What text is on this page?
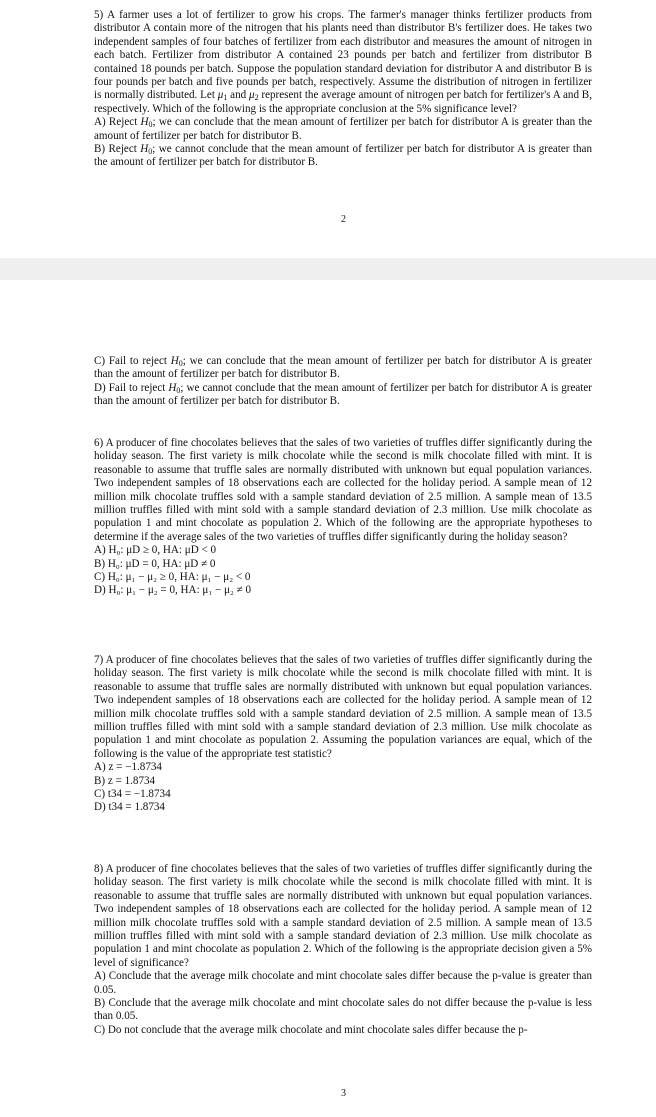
5) A farmer uses a lot of fertilizer to grow his crops. The farmer's manager thinks fertilizer products from distributor A contain more of the nitrogen that his plants need than distributor B's fertilizer does. He takes two independent samples of four batches of fertilizer from each distributor and measures the amount of nitrogen in each batch. Fertilizer from distributor A contained 23 pounds per batch and fertilizer from distributor B contained 18 pounds per batch. Suppose the population standard deviation for distributor A and distributor B is four pounds per batch and five pounds per batch, respectively. Assume the distribution of nitrogen in fertilizer is normally distributed. Let $\mu_1$ and $\mu_2$ represent the average amount of nitrogen per batch for fertilizer's A and B, respectively. Which of the following is the appropriate conclusion at the 5% significance level?

A) Reject $H_0$; we can conclude that the mean amount of fertilizer per batch for distributor A is greater than the amount of fertilizer per batch for distributor B.

B) Reject $H_0$; we cannot conclude that the mean amount of fertilizer per batch for distributor A is greater than the amount of fertilizer per batch for distributor B.

2

C) Fail to reject $H_0$; we can conclude that the mean amount of fertilizer per batch for distributor A is greater than the amount of fertilizer per batch for distributor B.

D) Fail to reject $H_0$; we cannot conclude that the mean amount of fertilizer per batch for distributor A is greater than the amount of fertilizer per batch for distributor B.

6) A producer of fine chocolates believes that the sales of two varieties of truffles differ significantly during the holiday season. The first variety is milk chocolate while the second is milk chocolate filled with mint. It is reasonable to assume that truffle sales are normally distributed with unknown but equal population variances. Two independent samples of 18 observations each are collected for the holiday period. A sample mean of 12 million milk chocolate truffles sold with a sample standard deviation of 2.5 million. A sample mean of 13.5 million truffles filled with mint sold with a sample standard deviation of 2.3 million. Use milk chocolate as population 1 and mint chocolate as population 2. Which of the following are the appropriate hypotheses to determine if the average sales of the two varieties of truffles differ significantly during the holiday season?

A) H₀: μD ≥ 0, HA: μD < 0

B) H₀: μD = 0, HA: μD ≠ 0

C) H₀: μ₁ − μ₂ ≥ 0, HA: μ₁ − μ₂ < 0

D) H₀: μ₁ − μ₂ = 0, HA: μ₁ − μ₂ ≠ 0

7) A producer of fine chocolates believes that the sales of two varieties of truffles differ significantly during the holiday season. The first variety is milk chocolate while the second is milk chocolate filled with mint. It is reasonable to assume that truffle sales are normally distributed with unknown but equal population variances. Two independent samples of 18 observations each are collected for the holiday period. A sample mean of 12 million milk chocolate truffles sold with a sample standard deviation of 2.5 million. A sample mean of 13.5 million truffles filled with mint sold with a sample standard deviation of 2.3 million. Use milk chocolate as population 1 and mint chocolate as population 2. Assuming the population variances are equal, which of the following is the value of the appropriate test statistic?

A) z = −1.8734

B) z = 1.8734

C) t34 = −1.8734

D) t34 = 1.8734

8) A producer of fine chocolates believes that the sales of two varieties of truffles differ significantly during the holiday season. The first variety is milk chocolate while the second is milk chocolate filled with mint. It is reasonable to assume that truffle sales are normally distributed with unknown but equal population variances. Two independent samples of 18 observations each are collected for the holiday period. A sample mean of 12 million milk chocolate truffles sold with a sample standard deviation of 2.5 million. A sample mean of 13.5 million truffles filled with mint sold with a sample standard deviation of 2.3 million. Use milk chocolate as population 1 and mint chocolate as population 2. Which of the following is the appropriate decision given a 5% level of significance?

A) Conclude that the average milk chocolate and mint chocolate sales differ because the p-value is greater than 0.05.

B) Conclude that the average milk chocolate and mint chocolate sales do not differ because the p-value is less than 0.05.

C) Do not conclude that the average milk chocolate and mint chocolate sales differ because the p-

3
